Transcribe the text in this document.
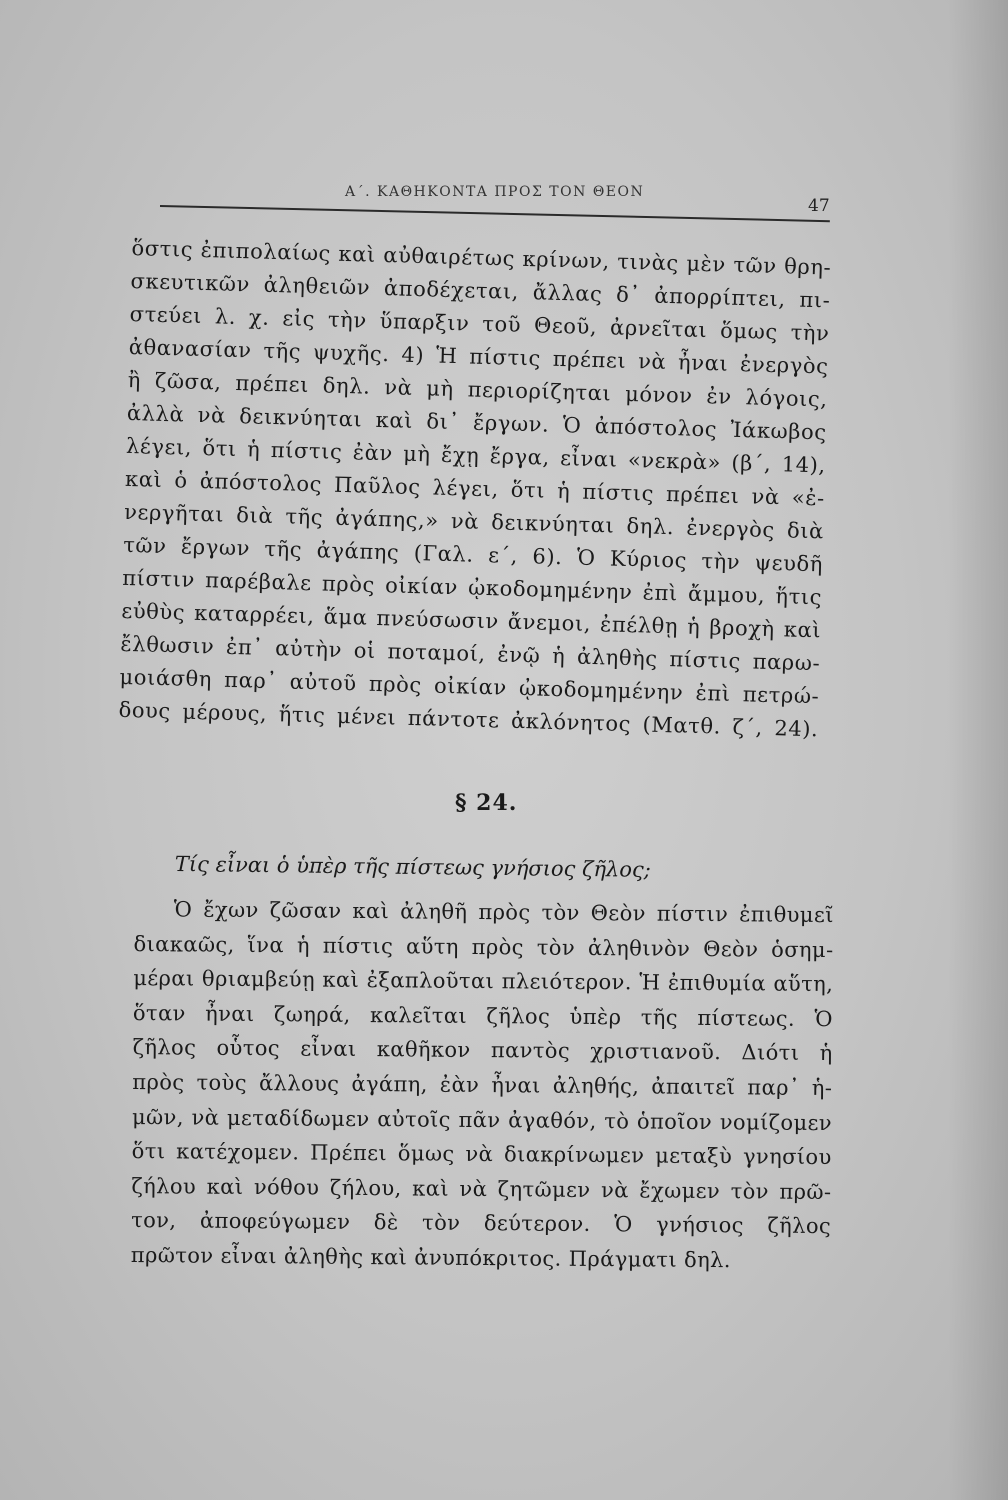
Α΄. ΚΑΘΗΚΟΝΤΑ ΠΡΟΣ ΤΟΝ ΘΕΟΝ
47
ὅστις ἐπιπολαίως καὶ αὐθαιρέτως κρίνων, τινὰς μὲν τῶν θρη-
σκευτικῶν ἀληθειῶν ἀποδέχεται, ἄλλας δ᾿ ἀπορρίπτει, πι-
στεύει λ. χ. εἰς τὴν ὕπαρξιν τοῦ Θεοῦ, ἀρνεῖται ὅμως τὴν
ἀθανασίαν τῆς ψυχῆς. 4) Ἡ πίστις πρέπει νὰ ἦναι ἐνεργὸς
ἢ ζῶσα, πρέπει δηλ. νὰ μὴ περιορίζηται μόνον ἐν λόγοις,
ἀλλὰ νὰ δεικνύηται καὶ δι᾿ ἔργων. Ὁ ἀπόστολος Ἰάκωβος
λέγει, ὅτι ἡ πίστις ἐὰν μὴ ἔχῃ ἔργα, εἶναι «νεκρὰ» (β΄, 14),
καὶ ὁ ἀπόστολος Παῦλος λέγει, ὅτι ἡ πίστις πρέπει νὰ «ἐ-
νεργῆται διὰ τῆς ἀγάπης,» νὰ δεικνύηται δηλ. ἐνεργὸς διὰ
τῶν ἔργων τῆς ἀγάπης (Γαλ. ε΄, 6). Ὁ Κύριος τὴν ψευδῆ
πίστιν παρέβαλε πρὸς οἰκίαν ᾠκοδομημένην ἐπὶ ἄμμου, ἥτις
εὐθὺς καταρρέει, ἅμα πνεύσωσιν ἄνεμοι, ἐπέλθῃ ἡ βροχὴ καὶ
ἔλθωσιν ἐπ᾿ αὐτὴν οἱ ποταμοί, ἐνῷ ἡ ἀληθὴς πίστις παρω-
μοιάσθη παρ᾿ αὐτοῦ πρὸς οἰκίαν ᾠκοδομημένην ἐπὶ πετρώ-
δους μέρους, ἥτις μένει πάντοτε ἀκλόνητος (Ματθ. ζ΄, 24).
§ 24.
Τίς εἶναι ὁ ὑπὲρ τῆς πίστεως γνήσιος ζῆλος;
Ὁ ἔχων ζῶσαν καὶ ἀληθῆ πρὸς τὸν Θεὸν πίστιν ἐπιθυμεῖ
διακαῶς, ἵνα ἡ πίστις αὕτη πρὸς τὸν ἀληθινὸν Θεὸν ὁσημ-
μέραι θριαμβεύῃ καὶ ἐξαπλοῦται πλειότερον. Ἡ ἐπιθυμία αὕτη,
ὅταν ἦναι ζωηρά, καλεῖται ζῆλος ὑπὲρ τῆς πίστεως. Ὁ
ζῆλος οὗτος εἶναι καθῆκον παντὸς χριστιανοῦ. Διότι ἡ
πρὸς τοὺς ἄλλους ἀγάπη, ἐὰν ἦναι ἀληθής, ἀπαιτεῖ παρ᾿ ἡ-
μῶν, νὰ μεταδίδωμεν αὐτοῖς πᾶν ἀγαθόν, τὸ ὁποῖον νομίζομεν
ὅτι κατέχομεν. Πρέπει ὅμως νὰ διακρίνωμεν μεταξὺ γνησίου
ζήλου καὶ νόθου ζήλου, καὶ νὰ ζητῶμεν νὰ ἔχωμεν τὸν πρῶ-
τον, ἀποφεύγωμεν δὲ τὸν δεύτερον. Ὁ γνήσιος ζῆλος
πρῶτον εἶναι ἀληθὴς καὶ ἀνυπόκριτος. Πράγματι δηλ.
